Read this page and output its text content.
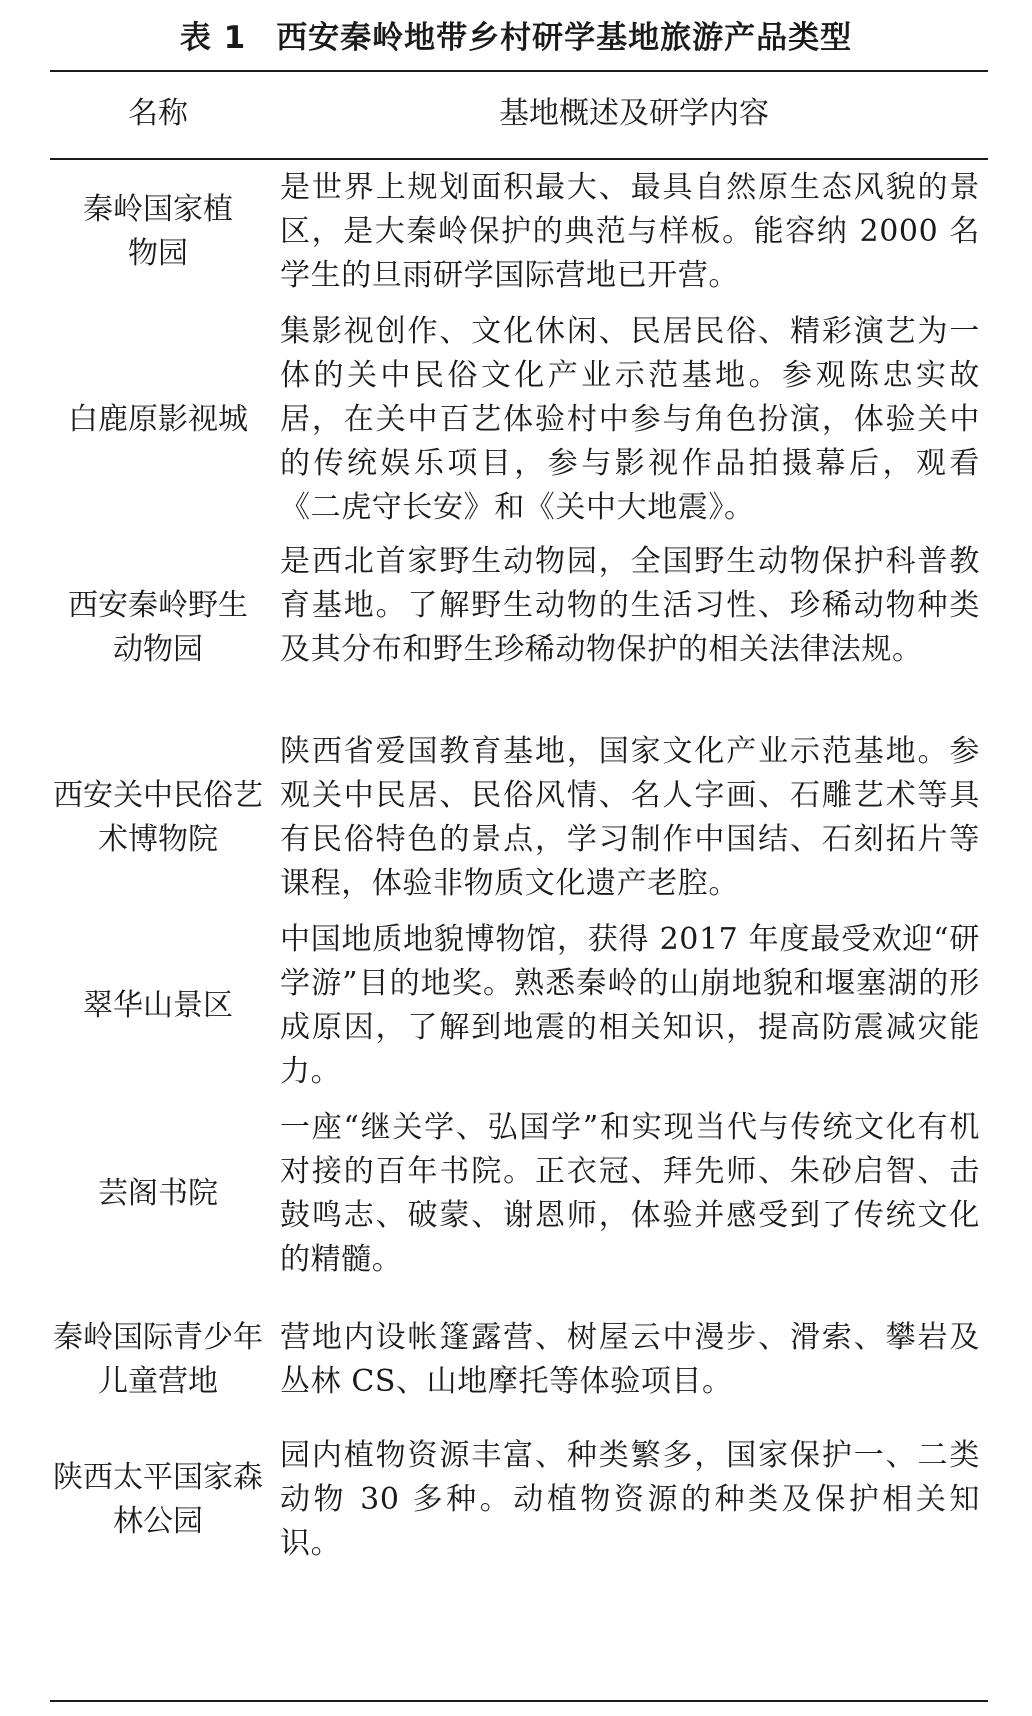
表 1 西安秦岭地带乡村研学基地旅游产品类型
名称	基地概述及研学内容
秦岭国家植物园
是世界上规划面积最大、最具自然原生态风貌的景区，是大秦岭保护的典范与样板。能容纳 2000 名学生的旦雨研学国际营地已开营。
白鹿原影视城
集影视创作、文化休闲、民居民俗、精彩演艺为一体的关中民俗文化产业示范基地。参观陈忠实故居，在关中百艺体验村中参与角色扮演，体验关中的传统娱乐项目，参与影视作品拍摄幕后，观看《二虎守长安》和《关中大地震》。
西安秦岭野生动物园
是西北首家野生动物园，全国野生动物保护科普教育基地。了解野生动物的生活习性、珍稀动物种类及其分布和野生珍稀动物保护的相关法律法规。
西安关中民俗艺术博物院
陕西省爱国教育基地，国家文化产业示范基地。参观关中民居、民俗风情、名人字画、石雕艺术等具有民俗特色的景点，学习制作中国结、石刻拓片等课程，体验非物质文化遗产老腔。
翠华山景区
中国地质地貌博物馆，获得 2017 年度最受欢迎“研学游”目的地奖。熟悉秦岭的山崩地貌和堰塞湖的形成原因，了解到地震的相关知识，提高防震减灾能力。
芸阁书院
一座“继关学、弘国学”和实现当代与传统文化有机对接的百年书院。正衣冠、拜先师、朱砂启智、击鼓鸣志、破蒙、谢恩师，体验并感受到了传统文化的精髓。
秦岭国际青少年儿童营地
营地内设帐篷露营、树屋云中漫步、滑索、攀岩及丛林 CS、山地摩托等体验项目。
陕西太平国家森林公园
园内植物资源丰富、种类繁多，国家保护一、二类动物 30 多种。动植物资源的种类及保护相关知识。
